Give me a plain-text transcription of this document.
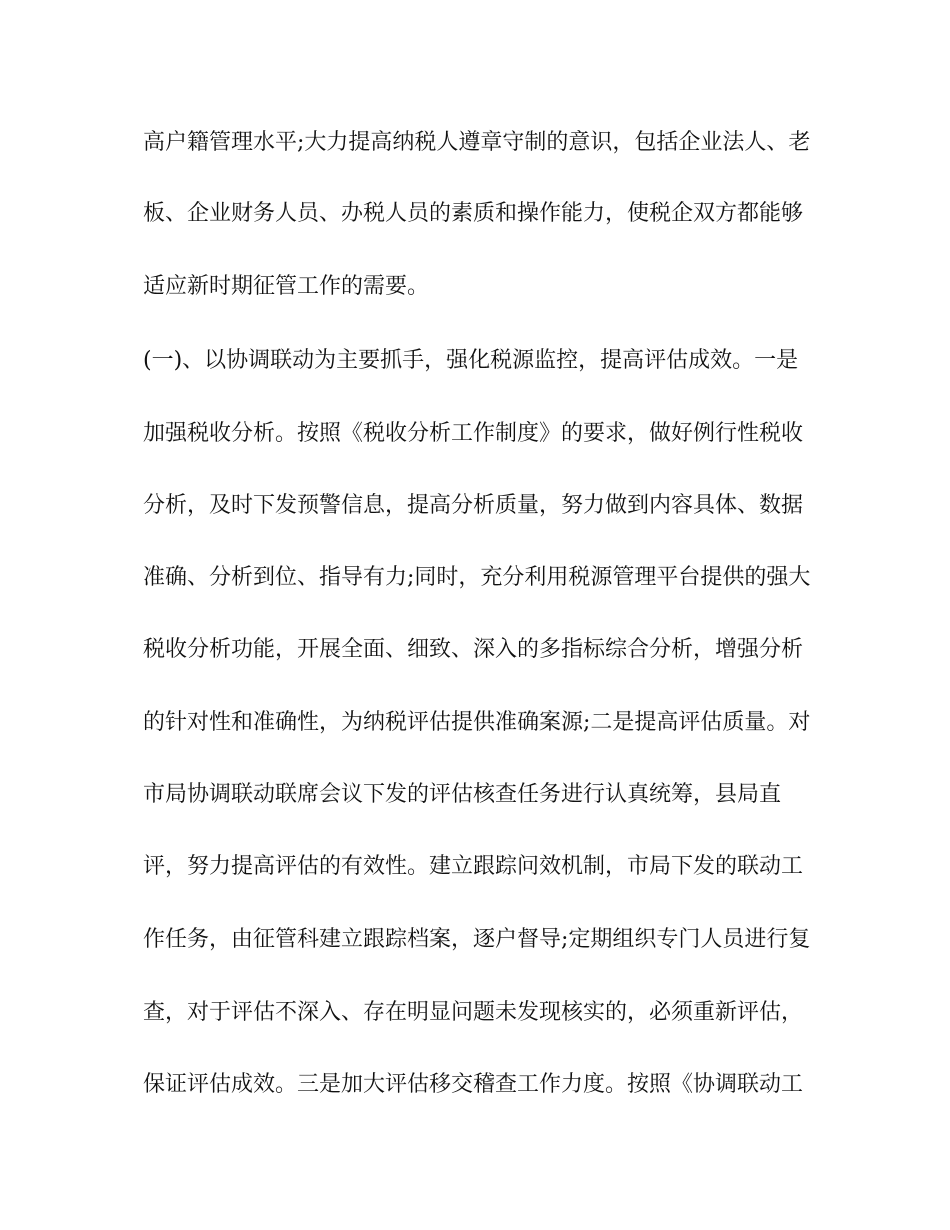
高户籍管理水平;大力提高纳税人遵章守制的意识，包括企业法人、老
板、企业财务人员、办税人员的素质和操作能力，使税企双方都能够
适应新时期征管工作的需要。
(一)、以协调联动为主要抓手，强化税源监控，提高评估成效。一是
加强税收分析。按照《税收分析工作制度》的要求，做好例行性税收
分析，及时下发预警信息，提高分析质量，努力做到内容具体、数据
准确、分析到位、指导有力;同时，充分利用税源管理平台提供的强大
税收分析功能，开展全面、细致、深入的多指标综合分析，增强分析
的针对性和准确性，为纳税评估提供准确案源;二是提高评估质量。对
市局协调联动联席会议下发的评估核查任务进行认真统筹，县局直
评，努力提高评估的有效性。建立跟踪问效机制，市局下发的联动工
作任务，由征管科建立跟踪档案，逐户督导;定期组织专门人员进行复
查，对于评估不深入、存在明显问题未发现核实的，必须重新评估，
保证评估成效。三是加大评估移交稽查工作力度。按照《协调联动工
